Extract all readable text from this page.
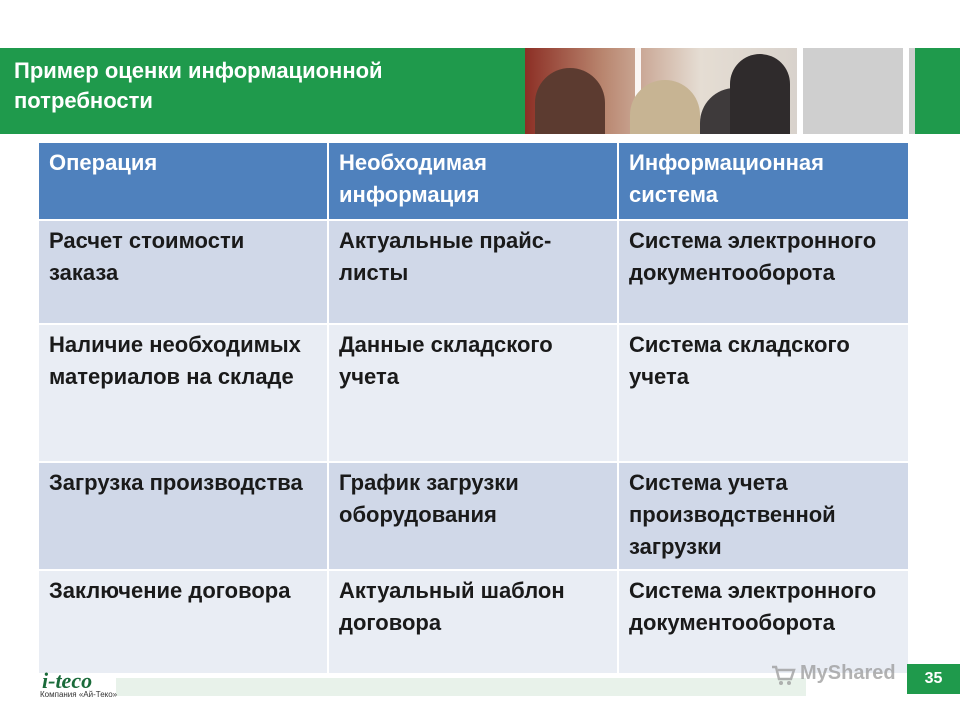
Пример оценки информационной потребности
Операция	Необходимая информация	Информационная система
Расчет стоимости заказа	Актуальные прайс-листы	Система электронного документооборота
Наличие необходимых материалов на складе	Данные складского учета	Система складского учета
Загрузка производства	График загрузки оборудования	Система учета производственной загрузки
Заключение договора	Актуальный шаблон договора	Система электронного документооборота
i-teco
Компания «Ай-Теко»
MyShared	35
